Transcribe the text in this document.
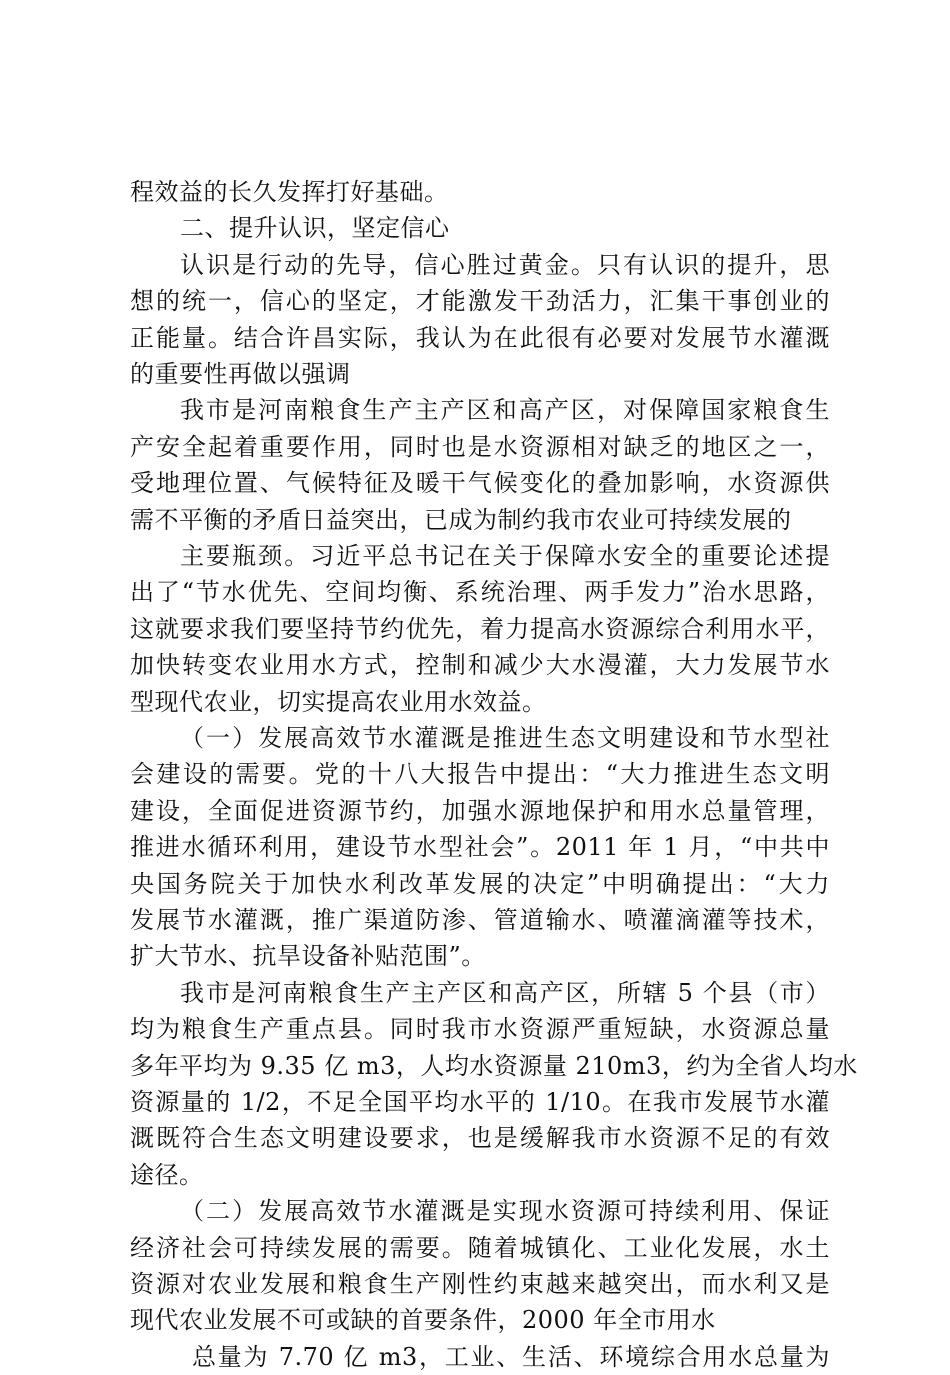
程效益的长久发挥打好基础。
二、提升认识，坚定信心
认识是行动的先导，信心胜过黄金。只有认识的提升，思
想的统一，信心的坚定，才能激发干劲活力，汇集干事创业的
正能量。结合许昌实际，我认为在此很有必要对发展节水灌溉
的重要性再做以强调
我市是河南粮食生产主产区和高产区，对保障国家粮食生
产安全起着重要作用，同时也是水资源相对缺乏的地区之一，
受地理位置、气候特征及暖干气候变化的叠加影响，水资源供
需不平衡的矛盾日益突出，已成为制约我市农业可持续发展的
主要瓶颈。习近平总书记在关于保障水安全的重要论述提
出了“节水优先、空间均衡、系统治理、两手发力”治水思路，
这就要求我们要坚持节约优先，着力提高水资源综合利用水平，
加快转变农业用水方式，控制和减少大水漫灌，大力发展节水
型现代农业，切实提高农业用水效益。
（一）发展高效节水灌溉是推进生态文明建设和节水型社
会建设的需要。党的十八大报告中提出：“大力推进生态文明
建设，全面促进资源节约，加强水源地保护和用水总量管理，
推进水循环利用，建设节水型社会”。2011 年 1 月，“中共中
央国务院关于加快水利改革发展的决定”中明确提出：“大力
发展节水灌溉，推广渠道防渗、管道输水、喷灌滴灌等技术，
扩大节水、抗旱设备补贴范围”。
我市是河南粮食生产主产区和高产区，所辖 5 个县（市）
均为粮食生产重点县。同时我市水资源严重短缺，水资源总量
多年平均为 9.35 亿 m3，人均水资源量 210m3，约为全省人均水
资源量的 1/2，不足全国平均水平的 1/10。在我市发展节水灌
溉既符合生态文明建设要求，也是缓解我市水资源不足的有效
途径。
（二）发展高效节水灌溉是实现水资源可持续利用、保证
经济社会可持续发展的需要。随着城镇化、工业化发展，水土
资源对农业发展和粮食生产刚性约束越来越突出，而水利又是
现代农业发展不可或缺的首要条件，2000 年全市用水
总量为 7.70 亿 m3，工业、生活、环境综合用水总量为
